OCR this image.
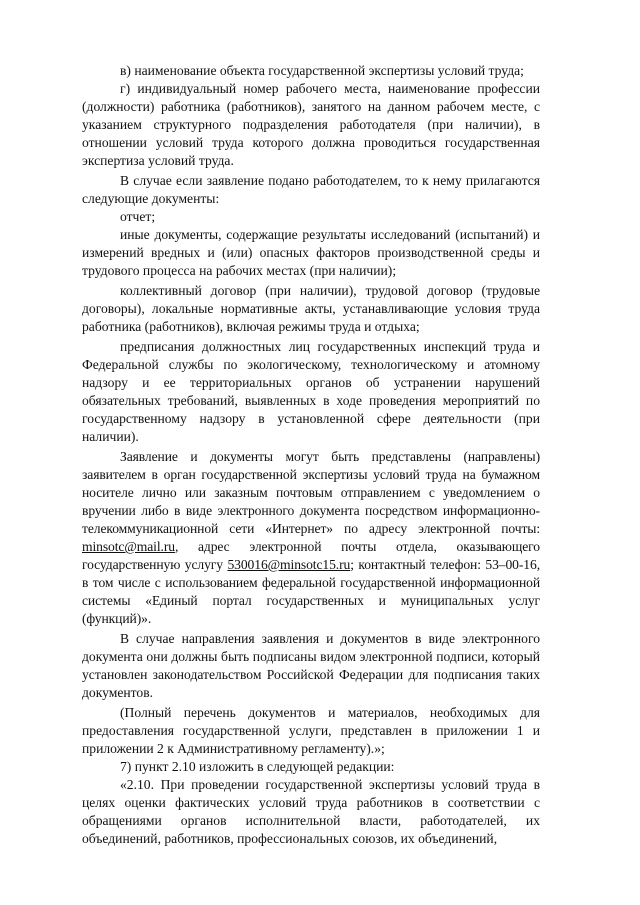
в) наименование объекта государственной экспертизы условий труда;

г) индивидуальный номер рабочего места, наименование профессии (должности) работника (работников), занятого на данном рабочем месте, с указанием структурного подразделения работодателя (при наличии), в отношении условий труда которого должна проводиться государственная экспертиза условий труда.

В случае если заявление подано работодателем, то к нему прилагаются следующие документы:

отчет;

иные документы, содержащие результаты исследований (испытаний) и измерений вредных и (или) опасных факторов производственной среды и трудового процесса на рабочих местах (при наличии);

коллективный договор (при наличии), трудовой договор (трудовые договоры), локальные нормативные акты, устанавливающие условия труда работника (работников), включая режимы труда и отдыха;

предписания должностных лиц государственных инспекций труда и Федеральной службы по экологическому, технологическому и атомному надзору и ее территориальных органов об устранении нарушений обязательных требований, выявленных в ходе проведения мероприятий по государственному надзору в установленной сфере деятельности (при наличии).

Заявление и документы могут быть представлены (направлены) заявителем в орган государственной экспертизы условий труда на бумажном носителе лично или заказным почтовым отправлением с уведомлением о вручении либо в виде электронного документа посредством информационно-телекоммуникационной сети «Интернет» по адресу электронной почты: minsotc@mail.ru, адрес электронной почты отдела, оказывающего государственную услугу 530016@minsotc15.ru; контактный телефон: 53–00-16, в том числе с использованием федеральной государственной информационной системы «Единый портал государственных и муниципальных услуг (функций)».

В случае направления заявления и документов в виде электронного документа они должны быть подписаны видом электронной подписи, который установлен законодательством Российской Федерации для подписания таких документов.

(Полный перечень документов и материалов, необходимых для предоставления государственной услуги, представлен в приложении 1 и приложении 2 к Административному регламенту).»;

7) пункт 2.10 изложить в следующей редакции:

«2.10. При проведении государственной экспертизы условий труда в целях оценки фактических условий труда работников в соответствии с обращениями органов исполнительной власти, работодателей, их объединений, работников, профессиональных союзов, их объединений,
